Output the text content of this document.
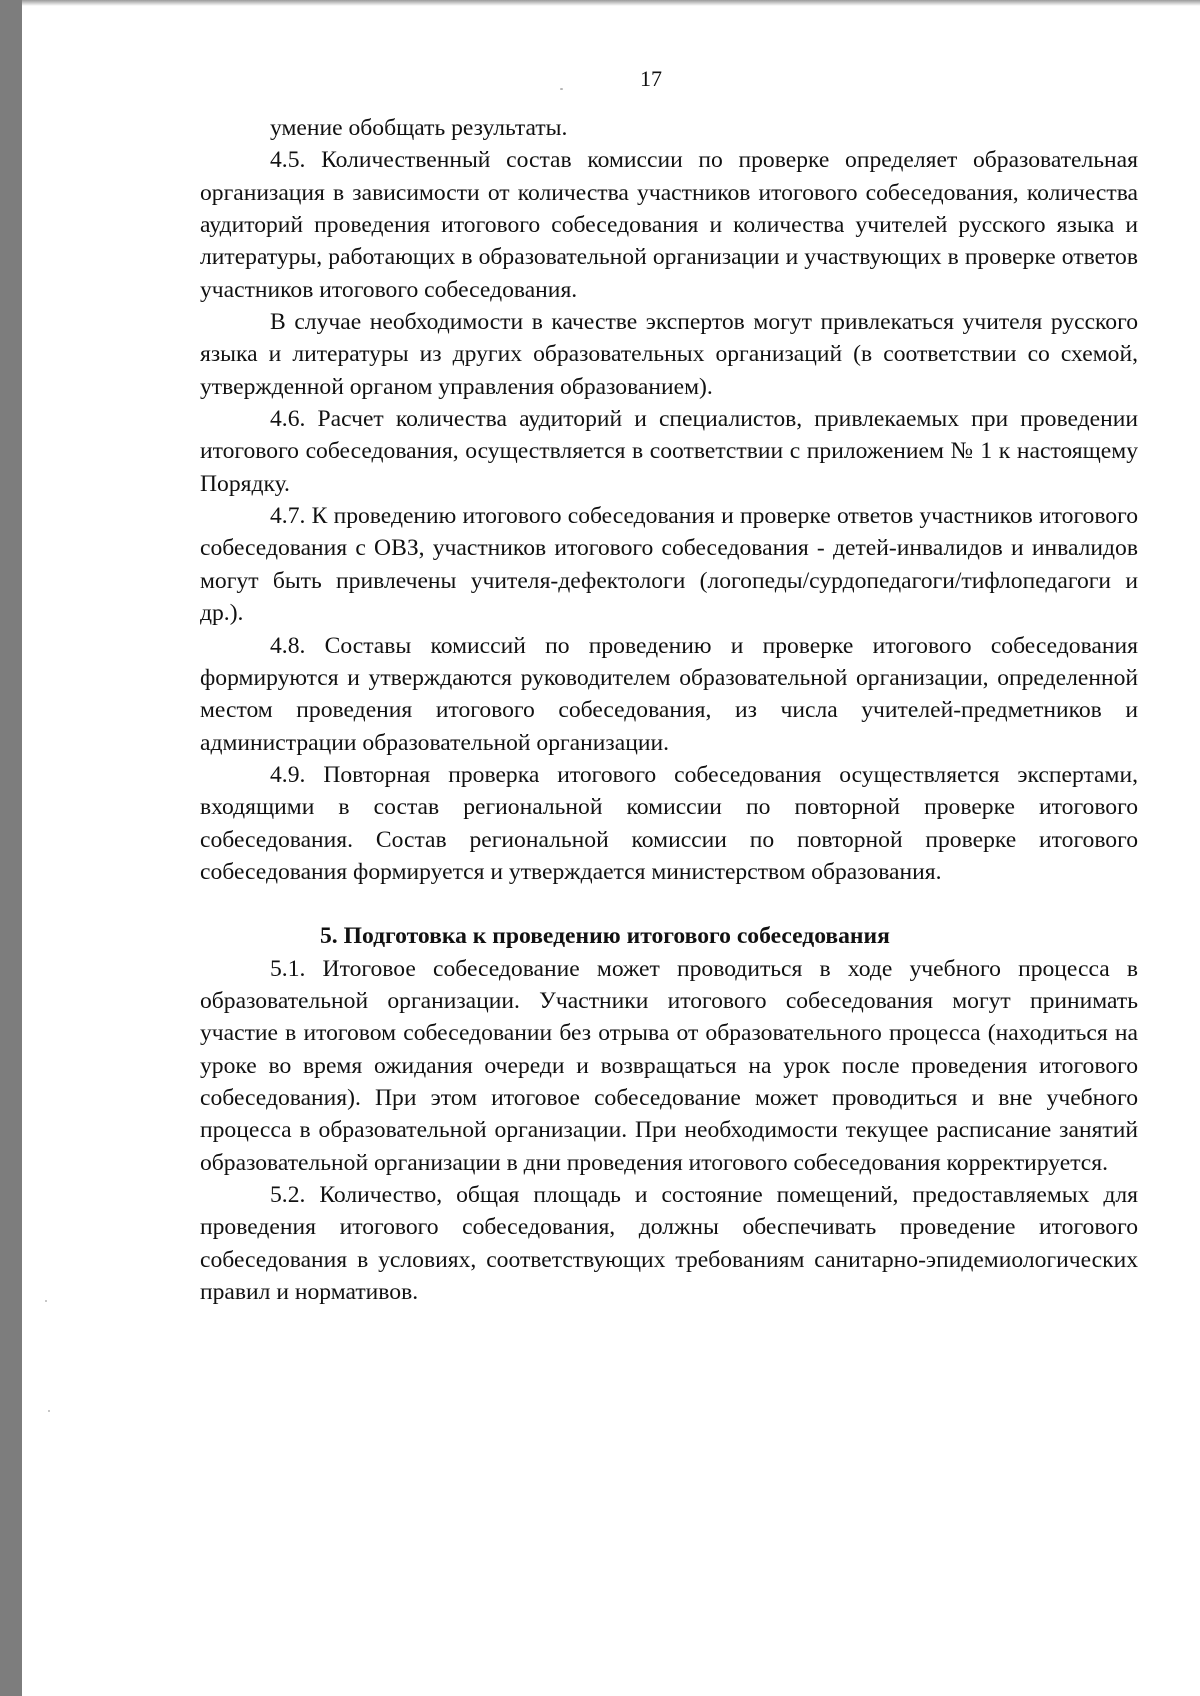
17

умение обобщать результаты.

4.5. Количественный состав комиссии по проверке определяет образовательная организация в зависимости от количества участников итогового собеседования, количества аудиторий проведения итогового собеседования и количества учителей русского языка и литературы, работающих в образовательной организации и участвующих в проверке ответов участников итогового собеседования.

В случае необходимости в качестве экспертов могут привлекаться учителя русского языка и литературы из других образовательных организаций (в соответствии со схемой, утвержденной органом управления образованием).

4.6. Расчет количества аудиторий и специалистов, привлекаемых при проведении итогового собеседования, осуществляется в соответствии с приложением № 1 к настоящему Порядку.

4.7. К проведению итогового собеседования и проверке ответов участников итогового собеседования с ОВЗ, участников итогового собеседования - детей-инвалидов и инвалидов могут быть привлечены учителя-дефектологи (логопеды/сурдопедагоги/тифлопедагоги и др.).

4.8. Составы комиссий по проведению и проверке итогового собеседования формируются и утверждаются руководителем образовательной организации, определенной местом проведения итогового собеседования, из числа учителей-предметников и администрации образовательной организации.

4.9. Повторная проверка итогового собеседования осуществляется экспертами, входящими в состав региональной комиссии по повторной проверке итогового собеседования. Состав региональной комиссии по повторной проверке итогового собеседования формируется и утверждается министерством образования.

5. Подготовка к проведению итогового собеседования

5.1. Итоговое собеседование может проводиться в ходе учебного процесса в образовательной организации. Участники итогового собеседования могут принимать участие в итоговом собеседовании без отрыва от образовательного процесса (находиться на уроке во время ожидания очереди и возвращаться на урок после проведения итогового собеседования). При этом итоговое собеседование может проводиться и вне учебного процесса в образовательной организации. При необходимости текущее расписание занятий образовательной организации в дни проведения итогового собеседования корректируется.

5.2. Количество, общая площадь и состояние помещений, предоставляемых для проведения итогового собеседования, должны обеспечивать проведение итогового собеседования в условиях, соответствующих требованиям санитарно-эпидемиологических правил и нормативов.
